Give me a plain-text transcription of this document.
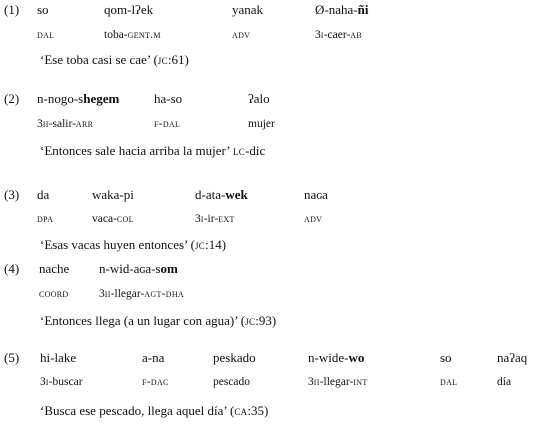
(1) so	qom-lʔek	yanak	Ø-naha-ñi
dal	toba-gent.m	adv	3i-caer-ab
‘Ese toba casi se cae’ (jc:61)
(2) n-nogo-shegem	ha-so	ʔalo
3ii-salir-arr	f-dal	mujer
‘Entonces sale hacia arriba la mujer’ lc-dic
(3) da	waka-pi	d-ata-wek	naɢa
dpa	vaca-col	3i-ir-ext	adv
‘Esas vacas huyen entonces’ (jc:14)
(4) nache n-wid-aɢa-som
coord	3ii-llegar-agt-dha
‘Entonces llega (a un lugar con agua)’ (jc:93)
(5) hi-lake	a-na	peskado	n-wide-wo	so	naʔaq
3i-buscar	f-dac	pescado	3ii-llegar-int	dal	día
‘Busca ese pescado, llega aquel día’ (ca:35)
